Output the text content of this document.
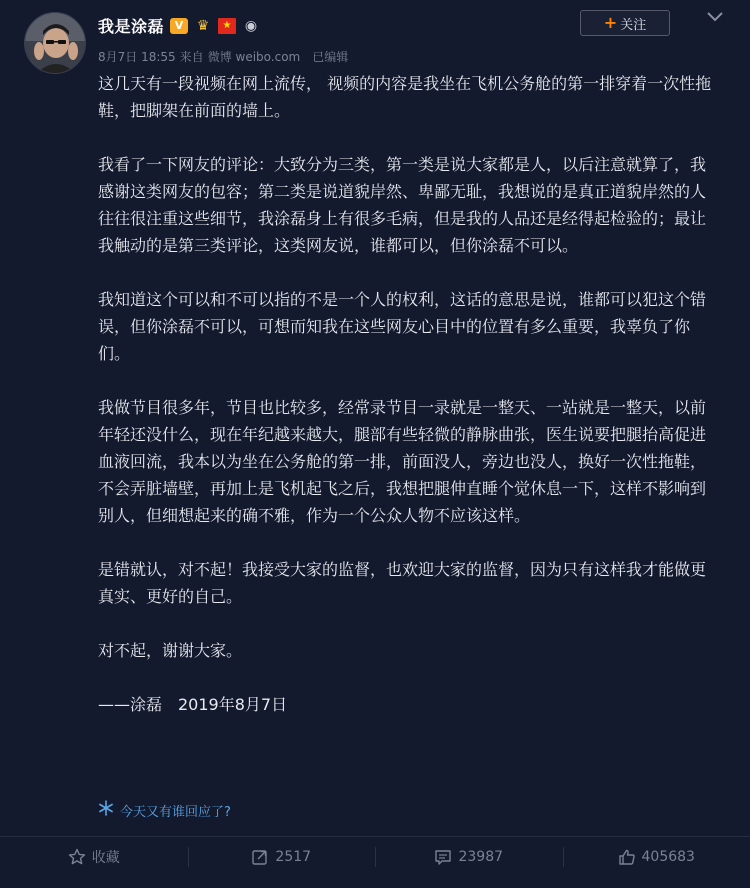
我是涂磊 V ♛	★ ◉
8月7日 18:55 来自 微博 weibo.com 已编辑
+ 关注

这几天有一段视频在网上流传， 视频的内容是我坐在飞机公务舱的第一排穿着一次性拖鞋，把脚架在前面的墙上。

我看了一下网友的评论：大致分为三类，第一类是说大家都是人，以后注意就算了，我感谢这类网友的包容；第二类是说道貌岸然、卑鄙无耻，我想说的是真正道貌岸然的人往往很注重这些细节，我涂磊身上有很多毛病，但是我的人品还是经得起检验的；最让我触动的是第三类评论，这类网友说，谁都可以，但你涂磊不可以。

我知道这个可以和不可以指的不是一个人的权利，这话的意思是说，谁都可以犯这个错误，但你涂磊不可以，可想而知我在这些网友心目中的位置有多么重要，我辜负了你们。

我做节目很多年，节目也比较多，经常录节目一录就是一整天、一站就是一整天，以前年轻还没什么，现在年纪越来越大，腿部有些轻微的静脉曲张，医生说要把腿抬高促进血液回流，我本以为坐在公务舱的第一排，前面没人，旁边也没人，换好一次性拖鞋，不会弄脏墙壁，再加上是飞机起飞之后，我想把腿伸直睡个觉休息一下，这样不影响到别人，但细想起来的确不雅，作为一个公众人物不应该这样。

是错就认，对不起！我接受大家的监督，也欢迎大家的监督，因为只有这样我才能做更真实、更好的自己。

对不起，谢谢大家。

——涂磊　2019年8月7日

今天又有谁回应了?
收藏	2517	23987	405683
